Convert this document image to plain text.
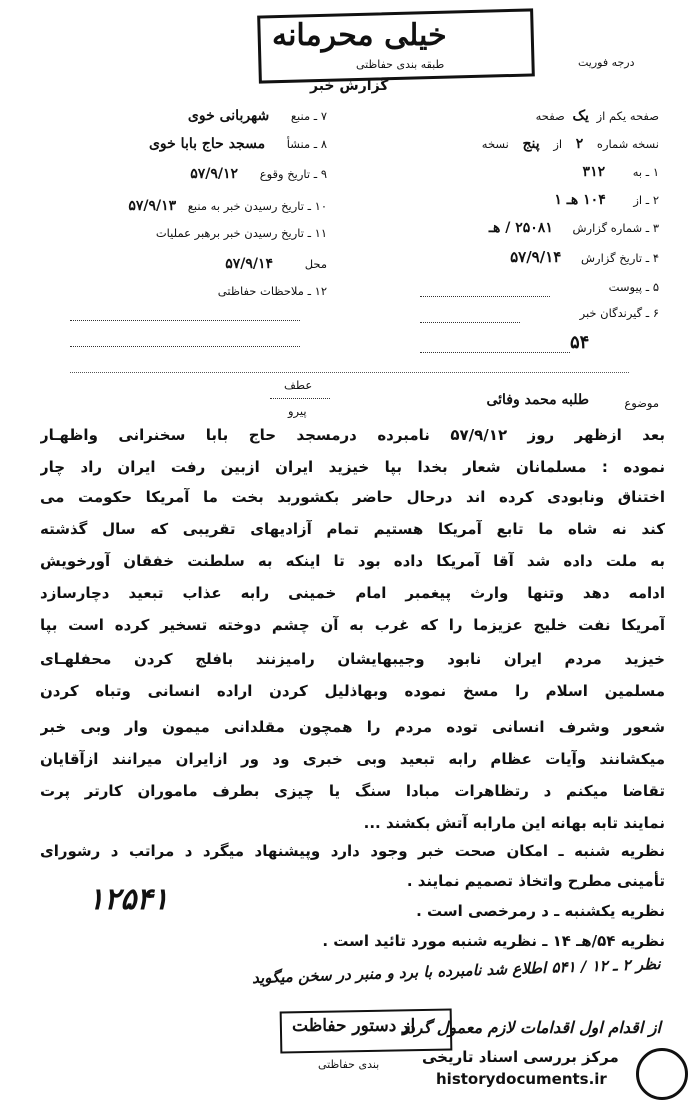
خیلی محرمانه
طبقه بندی حفاظتی
گزارش خبر
درجه فوریت
صفحه یکم از یک صفحه
نسخه شماره ۲ از پنج نسخه
۱ ـ به ۳۱۲
۲ ـ از ۱۰۴ هـ ۱
۳ ـ شماره گزارش ۲۵۰۸۱ / هـ
۴ ـ تاریخ گزارش ۵۷/۹/۱۴
۵ ـ پیوست
۶ ـ گیرندگان خبر
۵۴
۷ ـ منبع شهربانی خوی
۸ ـ منشأ مسجد حاج بابا خوی
۹ ـ تاریخ وقوع ۵۷/۹/۱۲
۱۰ ـ تاریخ رسیدن خبر به منبع ۵۷/۹/۱۳
۱۱ ـ تاریخ رسیدن خبر برهبر عملیات
محل ۵۷/۹/۱۴
۱۲ ـ ملاحظات حفاظتی
عطف
پیرو
موضوع
طلبه محمد وفائی
بعد ازظهر روز ۵۷/۹/۱۲ نامبرده درمسجد حاج بابا سخنرانی واظهـار
نموده : مسلمانان شعار بخدا بپا خیزید ایران ازبین رفت ایران راد چار
اختناق ونابودی کرده اند درحال حاضر بکشوربد بخت ما آمریکا حکومت می
کند نه شاه ما تابع آمریکا هستیم تمام آزادیهای تقریبی که سال گذشته
به ملت داده شد آقا آمریکا داده بود تا اینکه به سلطنت خفقان آورخویش
ادامه دهد وتنها وارث پیغمبر امام خمینی رابه عذاب تبعید دچارسازد
آمریکا نفت خلیج عزیزما را که غرب به آن چشم دوخته تسخیر کرده است بپا
خیزید مردم ایران نابود وجیبهایشان رامیزنند بافلج کردن محفلهـای
مسلمین اسلام را مسخ نموده وبهاذلیل کردن اراده انسانی وتباه کردن
شعور وشرف انسانی توده مردم را همچون مقلدانی میمون وار وبی خبر
میکشانند وآیات عظام رابه تبعید وبی خبری ود ور ازایران میرانند ازآقایان
تقاضا میکنم د رتظاهرات مبادا سنگ یا چیزی بطرف ماموران کارتر پرت
نمایند تابه بهانه این مارابه آتش بکشند ...
نظریه شنبه ـ امکان صحت خبر وجود دارد وپیشنهاد میگرد د مراتب د رشورای
تأمینی مطرح واتخاذ تصمیم نمایند .
نظریه یکشنبه ـ د رمرخصی است .
نظریه ۵۴/هـ ۱۴ ـ نظریه شنبه مورد تائید است .
۱۲۵۴۱
نظر ۲ ـ ۱۲ / ۵۴۱ اطلاع شد نامبرده با برد و منبر در سخن میگوید
از اقدام اول اقدامات لازم معمول گردد
از دستور حفاظت
بندی حفاظتی	مرکز بررسی اسناد تاریخی
historydocuments.ir
